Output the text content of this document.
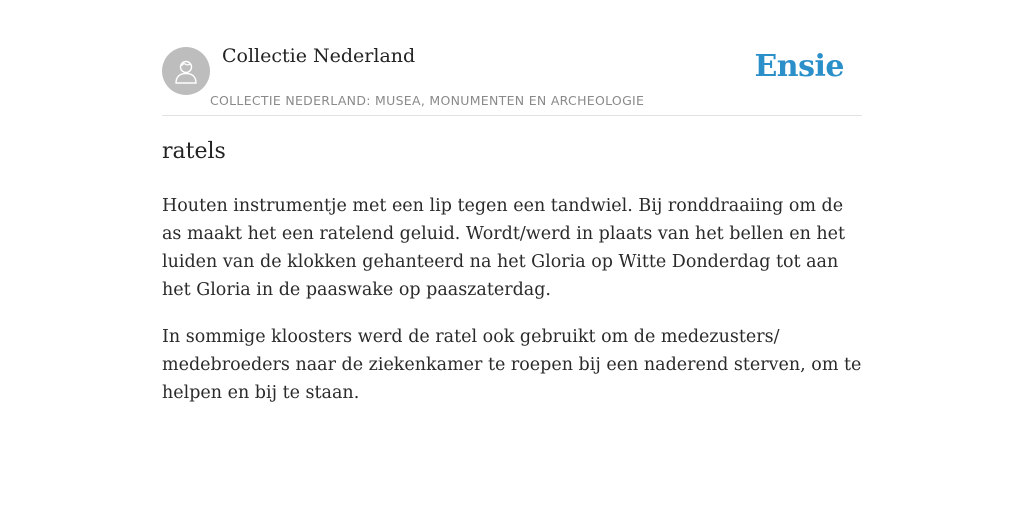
Collectie Nederland
COLLECTIE NEDERLAND: MUSEA, MONUMENTEN EN ARCHEOLOGIE
Ensie
ratels

Houten instrumentje met een lip tegen een tandwiel. Bij ronddraaiing om de as maakt het een ratelend geluid. Wordt/werd in plaats van het bellen en het luiden van de klokken gehanteerd na het Gloria op Witte Donderdag tot aan het Gloria in de paaswake op paaszaterdag.

In sommige kloosters werd de ratel ook gebruikt om de medezusters/ medebroeders naar de ziekenkamer te roepen bij een naderend sterven, om te helpen en bij te staan.
